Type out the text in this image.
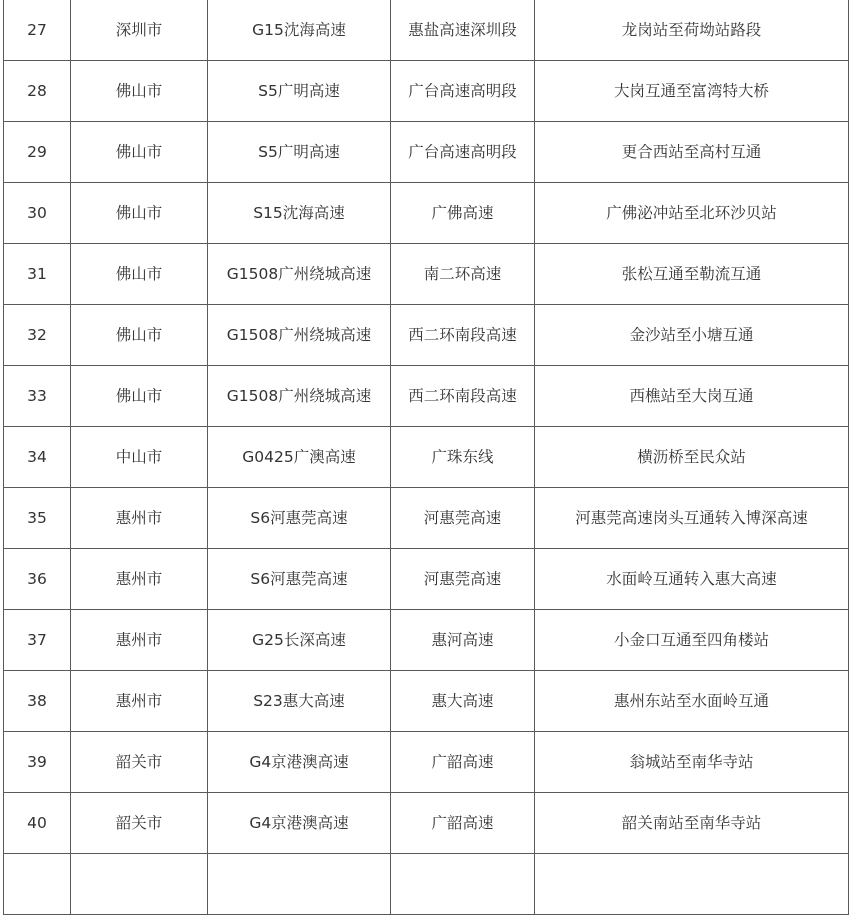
27	深圳市	G15沈海高速	惠盐高速深圳段	龙岗站至荷坳站路段
28	佛山市	S5广明高速	广台高速高明段	大岗互通至富湾特大桥
29	佛山市	S5广明高速	广台高速高明段	更合西站至高村互通
30	佛山市	S15沈海高速	广佛高速	广佛泌冲站至北环沙贝站
31	佛山市	G1508广州绕城高速	南二环高速	张松互通至勒流互通
32	佛山市	G1508广州绕城高速	西二环南段高速	金沙站至小塘互通
33	佛山市	G1508广州绕城高速	西二环南段高速	西樵站至大岗互通
34	中山市	G0425广澳高速	广珠东线	横沥桥至民众站
35	惠州市	S6河惠莞高速	河惠莞高速	河惠莞高速岗头互通转入博深高速
36	惠州市	S6河惠莞高速	河惠莞高速	水面岭互通转入惠大高速
37	惠州市	G25长深高速	惠河高速	小金口互通至四角楼站
38	惠州市	S23惠大高速	惠大高速	惠州东站至水面岭互通
39	韶关市	G4京港澳高速	广韶高速	翁城站至南华寺站
40	韶关市	G4京港澳高速	广韶高速	韶关南站至南华寺站
